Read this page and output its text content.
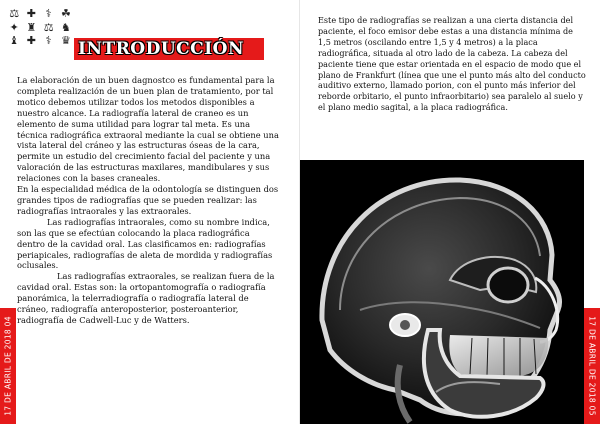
⚖ ✚ ⚕ ☘
✦ ♜ ⚖ ♞
♝ ✚ ⚕ ♛ INTRODUCCIÓN

La elaboración de un buen dagnostco es fundamental para la completa realización de un buen plan de tratamiento, por tal motico debemos utilizar todos los metodos disponibles a nuestro alcance. La radiografía lateral de craneo es un elemento de suma utilidad para lograr tal meta. Es una técnica radiográfica extraoral mediante la cual se obtiene una vista lateral del cráneo y las estructuras óseas de la cara, permite un estudio del crecimiento facial del paciente y una valoración de las estructuras maxilares, mandibulares y sus relaciones con la bases craneales.

En la especialidad médica de la odontología se distinguen dos grandes tipos de radiografías que se pueden realizar: las radiografías intraorales y las extraorales.

Las radiografías intraorales, como su nombre indica, son las que se efectúan colocando la placa radiográfica dentro de la cavidad oral. Las clasificamos en: radiografías periapicales, radiografías de aleta de mordida y radiografías oclusales.

Las radiografías extraorales, se realizan fuera de la cavidad oral. Estas son: la ortopantomografía o radiografía panorámica, la telerradiografía o radiografía lateral de cráneo, radiografía anteroposterior, posteroanterior, radiografía de Cadwell-Luc y de Watters.

17 DE ABRIL DE 2018 04

Este tipo de radiografías se realizan a una cierta distancia del paciente, el foco emisor debe estas a una distancia mínima de 1,5 metros (oscilando entre 1,5 y 4 metros) a la placa radiográfica, situada al otro lado de la cabeza. La cabeza del paciente tiene que estar orientada en el espacio de modo que el plano de Frankfurt (línea que une el punto más alto del conducto auditivo externo, llamado porion, con el punto más inferior del reborde orbitario, el punto infraorbitario) sea paralelo al suelo y el plano medio sagital, a la placa radiográfica.

17 DE ABRIL DE 2018 05
